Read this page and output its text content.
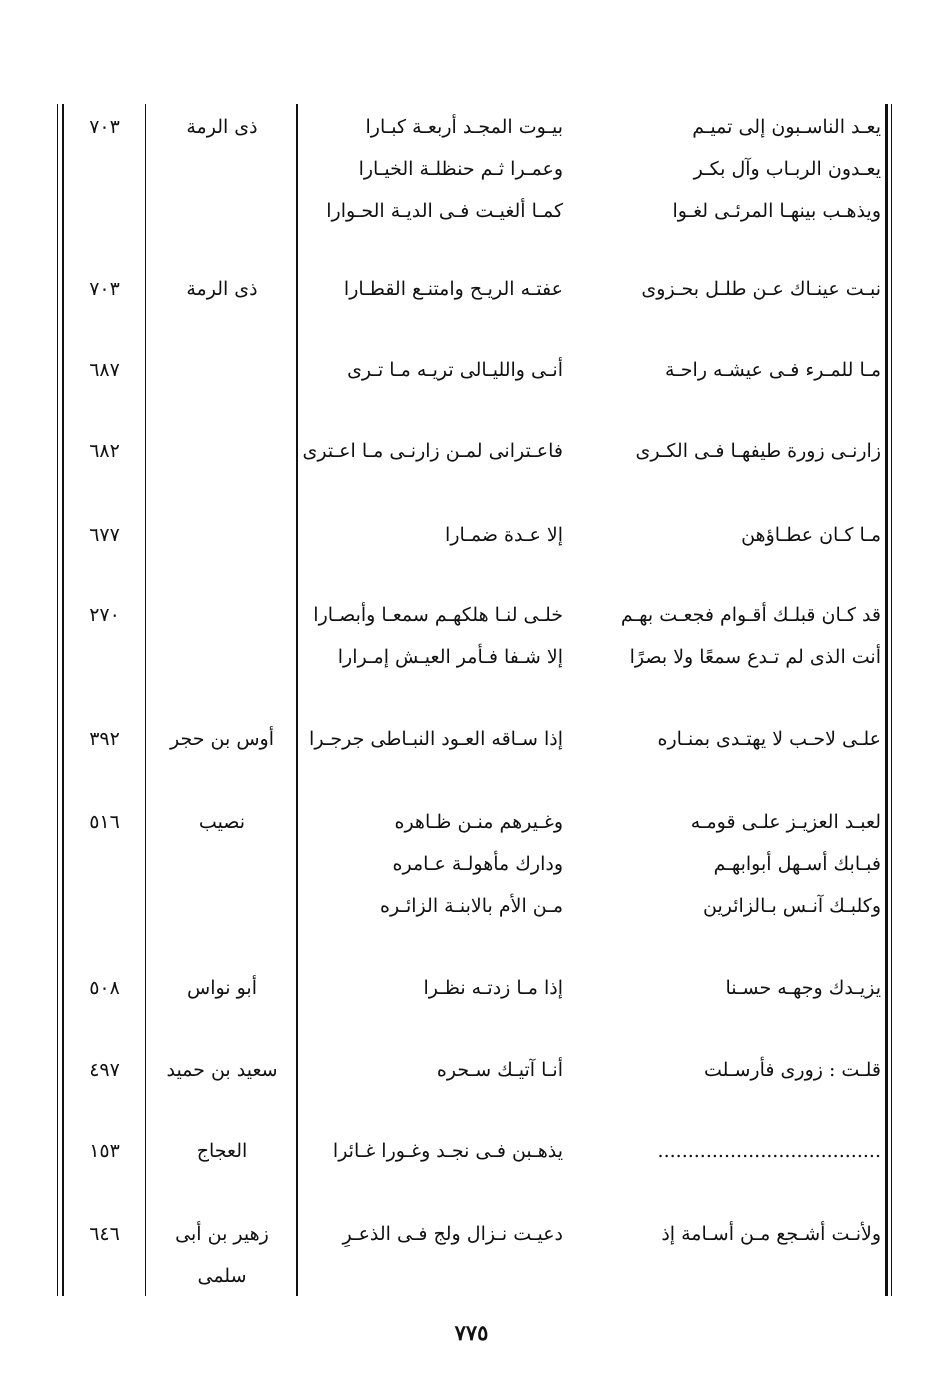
يعـد الناسـبون إلى تميـم
يعـدون الربـاب وآل بكـر
ويذهـب بينهـا المرئـى لغـوا
بيـوت المجـد أربعـة كبـارا
وعمـرا ثـم حنظلـة الخيـارا
كمـا ألغيـت فـى الديـة الحـوارا
ذى الرمة
٧٠٣
نبـت عينـاك عـن طلـل بحـزوى
عفتـه الريـح وامتنـع القطـارا
ذى الرمة
٧٠٣
مـا للمـرء فـى عيشـه راحـة
أنـى والليـالى تريـه مـا تـرى
٦٨٧
زارنـى زورة طيفهـا فـى الكـرى
فاعـترانى لمـن زارنـى مـا اعـترى
٦٨٢
مـا كـان عطـاؤهن
إلا عـدة ضمـارا
٦٧٧
قد كـان قبلـك أقـوام فجعـت بهـم
أنت الذى لم تـدع سمعًا ولا بصرًا
خلـى لنـا هلكهـم سمعـا وأبصـارا
إلا شـفا فـأمر العيـش إمـرارا
٢٧٠
علـى لاحـب لا يهتـدى بمنـاره
إذا سـاقه العـود النبـاطى جرجـرا
أوس بن حجر
٣٩٢
لعبـد العزيـز علـى قومـه
فبـابك أسـهل أبوابهـم
وكلبـك آنـس بـالزائرين
وغـيرهم منـن ظـاهره
ودارك مأهولـة عـامره
مـن الأم بالابنـة الزائـره
نصيب
٥١٦
يزيـدك وجهـه حسـنا
إذا مـا زدتـه نظـرا
أبو نواس
٥٠٨
قلـت : زورى فأرسـلت
أنـا آتيـك سـحره
سعيد بن حميد
٤٩٧
.....................................
يذهـبن فـى نجـد وغـورا غـائرا
العجاج
١٥٣
ولأنـت أشـجع مـن أسـامة إذ
دعيـت نـزال ولج فـى الذعـرِ
زهير بن أبى سلمى
٦٤٦
٧٧٥
